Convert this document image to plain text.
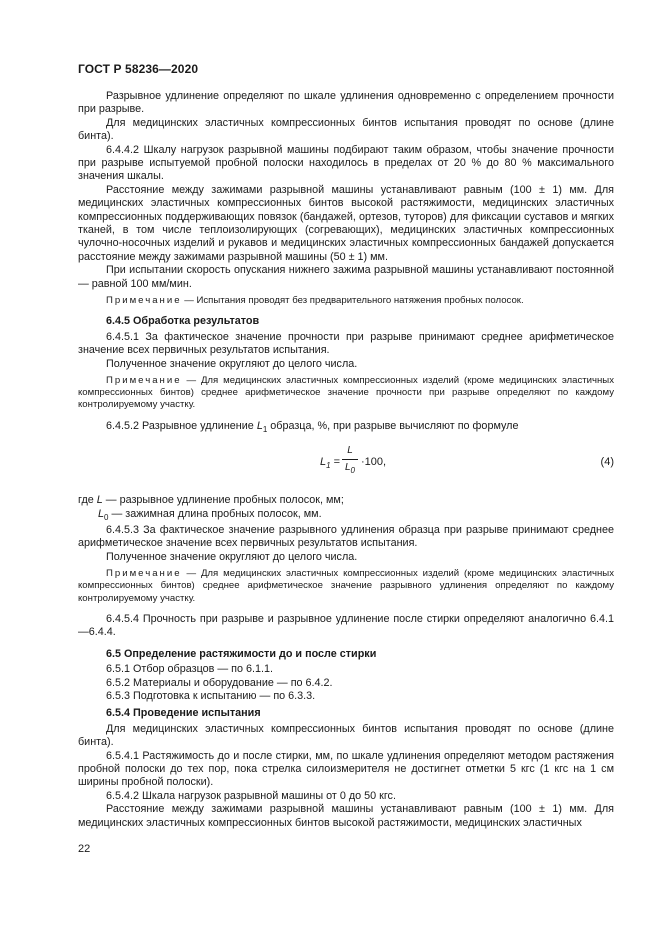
ГОСТ Р 58236—2020

Разрывное удлинение определяют по шкале удлинения одновременно с определением прочности при разрыве.

Для медицинских эластичных компрессионных бинтов испытания проводят по основе (длине бинта).

6.4.4.2 Шкалу нагрузок разрывной машины подбирают таким образом, чтобы значение прочности при разрыве испытуемой пробной полоски находилось в пределах от 20 % до 80 % максимального значения шкалы.

Расстояние между зажимами разрывной машины устанавливают равным (100 ± 1) мм. Для медицинских эластичных компрессионных бинтов высокой растяжимости, медицинских эластичных компрессионных поддерживающих повязок (бандажей, ортезов, туторов) для фиксации суставов и мягких тканей, в том числе теплоизолирующих (согревающих), медицинских эластичных компрессионных чулочно-носочных изделий и рукавов и медицинских эластичных компрессионных бандажей допускается расстояние между зажимами разрывной машины (50 ± 1) мм.

При испытании скорость опускания нижнего зажима разрывной машины устанавливают постоянной — равной 100 мм/мин.

Примечание — Испытания проводят без предварительного натяжения пробных полосок.

6.4.5 Обработка результатов

6.4.5.1 За фактическое значение прочности при разрыве принимают среднее арифметическое значение всех первичных результатов испытания.

Полученное значение округляют до целого числа.

Примечание — Для медицинских эластичных компрессионных изделий (кроме медицинских эластичных компрессионных бинтов) среднее арифметическое значение прочности при разрыве определяют по каждому контролируемому участку.

6.4.5.2 Разрывное удлинение $L_1$ образца, %, при разрыве вычисляют по формуле

$L_1 = \frac{L}{L_0} \cdot 100$,	(4)

где L — разрывное удлинение пробных полосок, мм;

$L_0$ — зажимная длина пробных полосок, мм.

6.4.5.3 За фактическое значение разрывного удлинения образца при разрыве принимают среднее арифметическое значение всех первичных результатов испытания.

Полученное значение округляют до целого числа.

Примечание — Для медицинских эластичных компрессионных изделий (кроме медицинских эластичных компрессионных бинтов) среднее арифметическое значение разрывного удлинения определяют по каждому контролируемому участку.

6.4.5.4 Прочность при разрыве и разрывное удлинение после стирки определяют аналогично 6.4.1—6.4.4.

6.5 Определение растяжимости до и после стирки

6.5.1 Отбор образцов — по 6.1.1.

6.5.2 Материалы и оборудование — по 6.4.2.

6.5.3 Подготовка к испытанию — по 6.3.3.

6.5.4 Проведение испытания

Для медицинских эластичных компрессионных бинтов испытания проводят по основе (длине бинта).

6.5.4.1 Растяжимость до и после стирки, мм, по шкале удлинения определяют методом растяжения пробной полоски до тех пор, пока стрелка силоизмерителя не достигнет отметки 5 кгс (1 кгс на 1 см ширины пробной полоски).

6.5.4.2 Шкала нагрузок разрывной машины от 0 до 50 кгс.

Расстояние между зажимами разрывной машины устанавливают равным (100 ± 1) мм. Для медицинских эластичных компрессионных бинтов высокой растяжимости, медицинских эластичных

22
